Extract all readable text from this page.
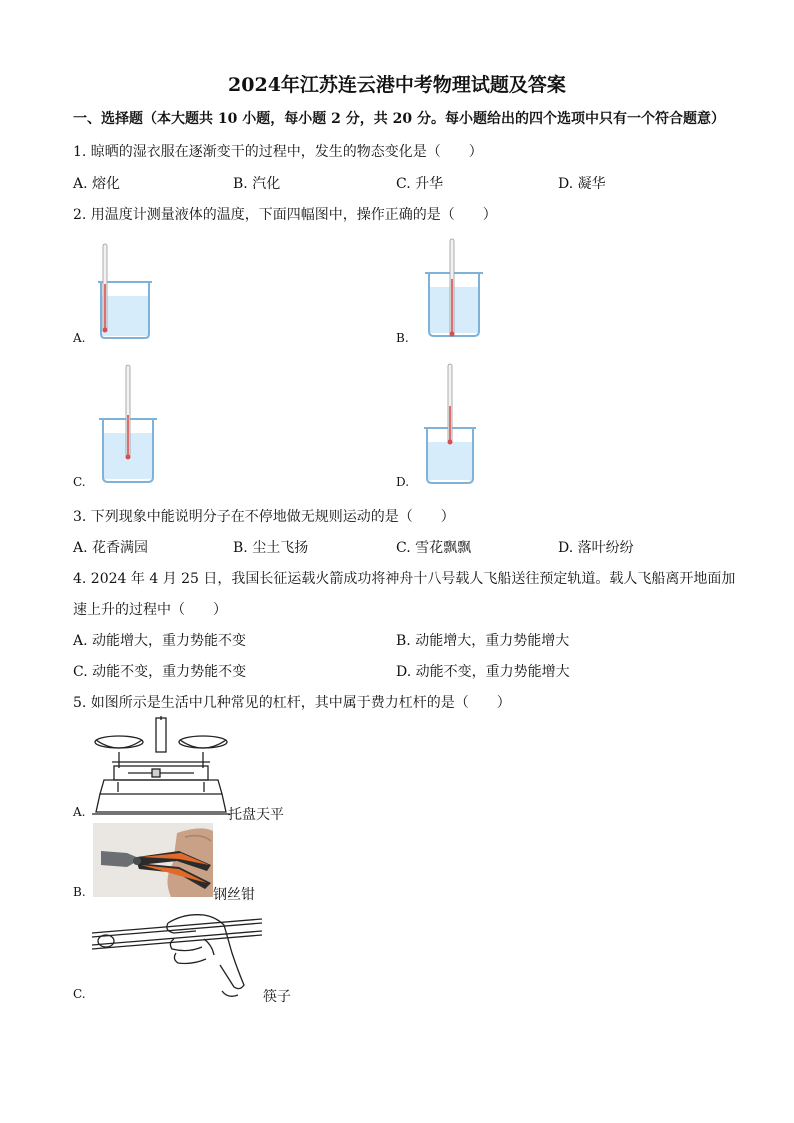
2024年江苏连云港中考物理试题及答案
一、选择题（本大题共 10 小题，每小题 2 分，共 20 分。每小题给出的四个选项中只有一个符合题意）
1. 晾晒的湿衣服在逐渐变干的过程中，发生的物态变化是（　　）
A. 熔化	B. 汽化	C. 升华	D. 凝华
2. 用温度计测量液体的温度，下面四幅图中，操作正确的是（　　）
A.	B.
C.	D.
3. 下列现象中能说明分子在不停地做无规则运动的是（　　）
A. 花香满园	B. 尘土飞扬	C. 雪花飘飘	D. 落叶纷纷
4. 2024 年 4 月 25 日，我国长征运载火箭成功将神舟十八号载人飞船送往预定轨道。载人飞船离开地面加
速上升的过程中（　　）
A. 动能增大，重力势能不变	B. 动能增大，重力势能增大
C. 动能不变，重力势能不变	D. 动能不变，重力势能增大
5. 如图所示是生活中几种常见的杠杆，其中属于费力杠杆的是（　　）
A.	托盘天平
B.	钢丝钳
C.	筷子
